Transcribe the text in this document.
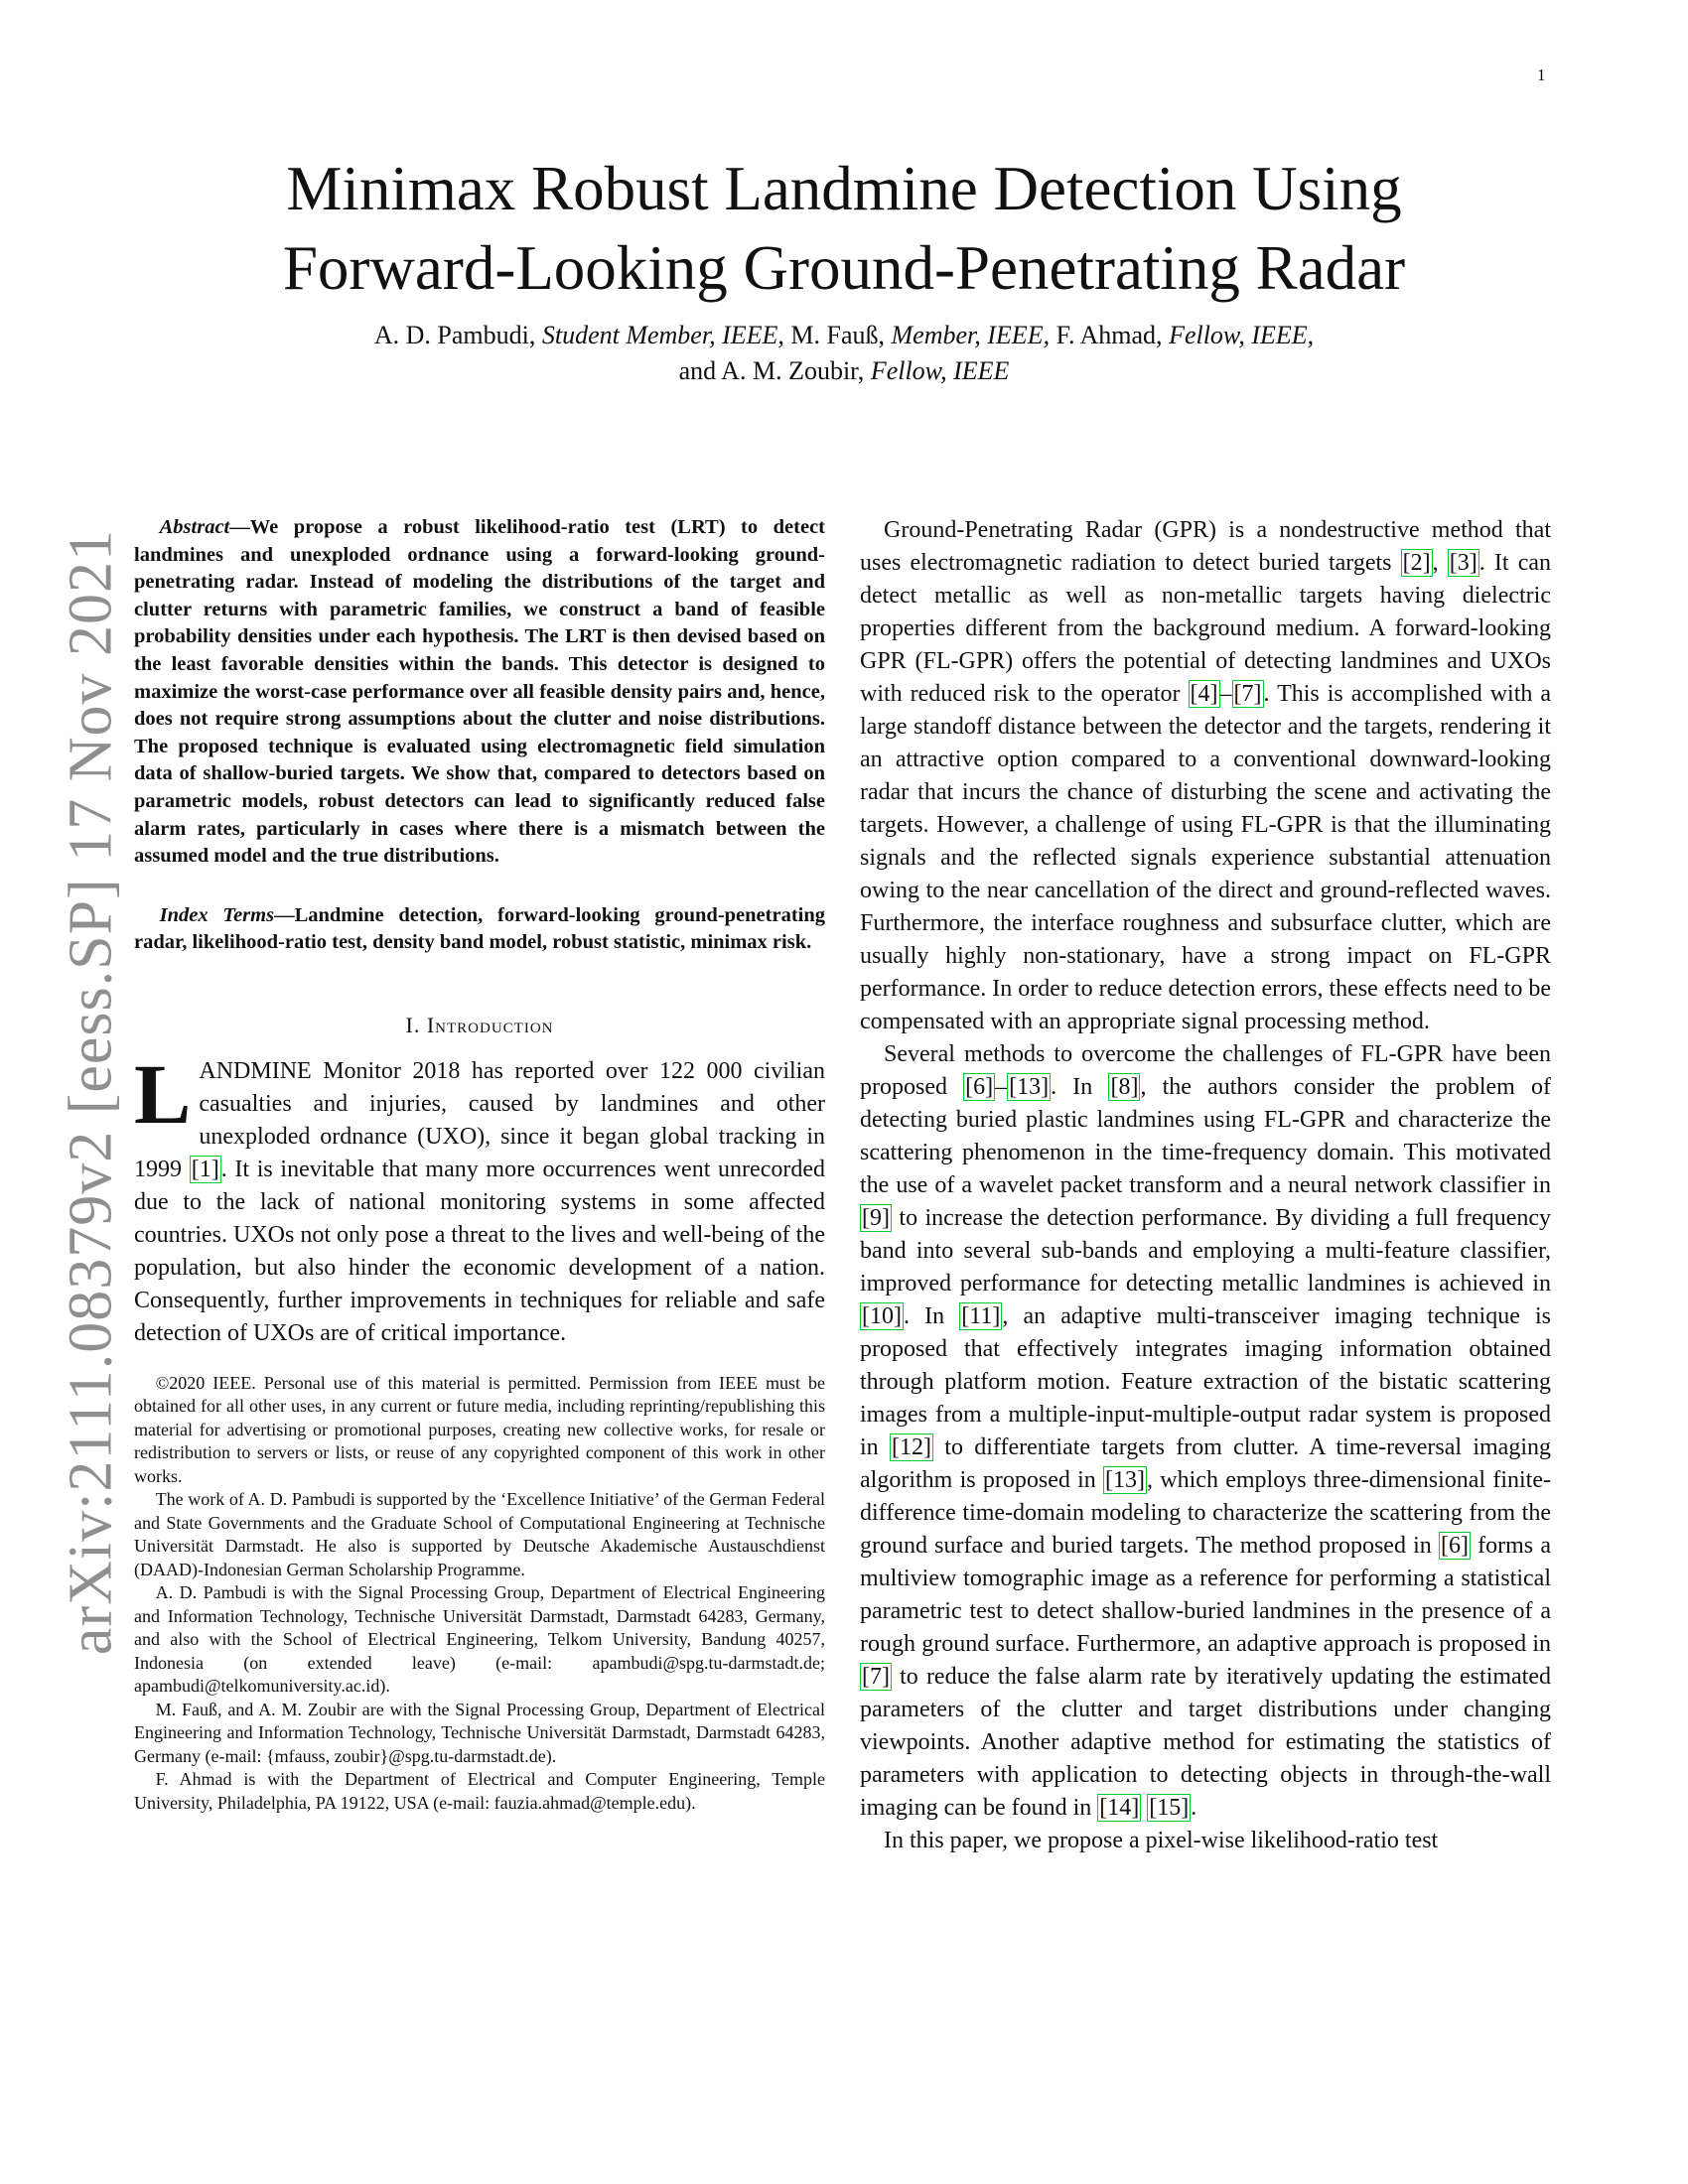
1
arXiv:2111.08379v2 [eess.SP] 17 Nov 2021
Minimax Robust Landmine Detection Using
Forward-Looking Ground-Penetrating Radar
A. D. Pambudi, Student Member, IEEE, M. Fauß, Member, IEEE, F. Ahmad, Fellow, IEEE,
and A. M. Zoubir, Fellow, IEEE

Abstract—We propose a robust likelihood-ratio test (LRT) to detect landmines and unexploded ordnance using a forward-looking ground-penetrating radar. Instead of modeling the distributions of the target and clutter returns with parametric families, we construct a band of feasible probability densities under each hypothesis. The LRT is then devised based on the least favorable densities within the bands. This detector is designed to maximize the worst-case performance over all feasible density pairs and, hence, does not require strong assumptions about the clutter and noise distributions. The proposed technique is evaluated using electromagnetic field simulation data of shallow-buried targets. We show that, compared to detectors based on parametric models, robust detectors can lead to significantly reduced false alarm rates, particularly in cases where there is a mismatch between the assumed model and the true distributions.

Index Terms—Landmine detection, forward-looking ground-penetrating radar, likelihood-ratio test, density band model, robust statistic, minimax risk.

I. Introduction

LANDMINE Monitor 2018 has reported over 122 000 civilian casualties and injuries, caused by landmines and other unexploded ordnance (UXO), since it began global tracking in 1999 [1]. It is inevitable that many more occurrences went unrecorded due to the lack of national monitoring systems in some affected countries. UXOs not only pose a threat to the lives and well-being of the population, but also hinder the economic development of a nation. Consequently, further improvements in techniques for reliable and safe detection of UXOs are of critical importance.

©2020 IEEE. Personal use of this material is permitted. Permission from IEEE must be obtained for all other uses, in any current or future media, including reprinting/republishing this material for advertising or promotional purposes, creating new collective works, for resale or redistribution to servers or lists, or reuse of any copyrighted component of this work in other works.

The work of A. D. Pambudi is supported by the ‘Excellence Initiative’ of the German Federal and State Governments and the Graduate School of Computational Engineering at Technische Universität Darmstadt. He also is supported by Deutsche Akademische Austauschdienst (DAAD)-Indonesian German Scholarship Programme.

A. D. Pambudi is with the Signal Processing Group, Department of Electrical Engineering and Information Technology, Technische Universität Darmstadt, Darmstadt 64283, Germany, and also with the School of Electrical Engineering, Telkom University, Bandung 40257, Indonesia (on extended leave) (e-mail: apambudi@spg.tu-darmstadt.de; apambudi@telkomuniversity.ac.id).

M. Fauß, and A. M. Zoubir are with the Signal Processing Group, Department of Electrical Engineering and Information Technology, Technische Universität Darmstadt, Darmstadt 64283, Germany (e-mail: {mfauss, zoubir}@spg.tu-darmstadt.de).

F. Ahmad is with the Department of Electrical and Computer Engineering, Temple University, Philadelphia, PA 19122, USA (e-mail: fauzia.ahmad@temple.edu).

Ground-Penetrating Radar (GPR) is a nondestructive method that uses electromagnetic radiation to detect buried targets [2], [3]. It can detect metallic as well as non-metallic targets having dielectric properties different from the background medium. A forward-looking GPR (FL-GPR) offers the potential of detecting landmines and UXOs with reduced risk to the operator [4]–[7]. This is accomplished with a large standoff distance between the detector and the targets, rendering it an attractive option compared to a conventional downward-looking radar that incurs the chance of disturbing the scene and activating the targets. However, a challenge of using FL-GPR is that the illuminating signals and the reflected signals experience substantial attenuation owing to the near cancellation of the direct and ground-reflected waves. Furthermore, the interface roughness and subsurface clutter, which are usually highly non-stationary, have a strong impact on FL-GPR performance. In order to reduce detection errors, these effects need to be compensated with an appropriate signal processing method.

Several methods to overcome the challenges of FL-GPR have been proposed [6]–[13]. In [8], the authors consider the problem of detecting buried plastic landmines using FL-GPR and characterize the scattering phenomenon in the time-frequency domain. This motivated the use of a wavelet packet transform and a neural network classifier in [9] to increase the detection performance. By dividing a full frequency band into several sub-bands and employing a multi-feature classifier, improved performance for detecting metallic landmines is achieved in [10]. In [11], an adaptive multi-transceiver imaging technique is proposed that effectively integrates imaging information obtained through platform motion. Feature extraction of the bistatic scattering images from a multiple-input-multiple-output radar system is proposed in [12] to differentiate targets from clutter. A time-reversal imaging algorithm is proposed in [13], which employs three-dimensional finite-difference time-domain modeling to characterize the scattering from the ground surface and buried targets. The method proposed in [6] forms a multiview tomographic image as a reference for performing a statistical parametric test to detect shallow-buried landmines in the presence of a rough ground surface. Furthermore, an adaptive approach is proposed in [7] to reduce the false alarm rate by iteratively updating the estimated parameters of the clutter and target distributions under changing viewpoints. Another adaptive method for estimating the statistics of parameters with application to detecting objects in through-the-wall imaging can be found in [14] [15].

In this paper, we propose a pixel-wise likelihood-ratio test
